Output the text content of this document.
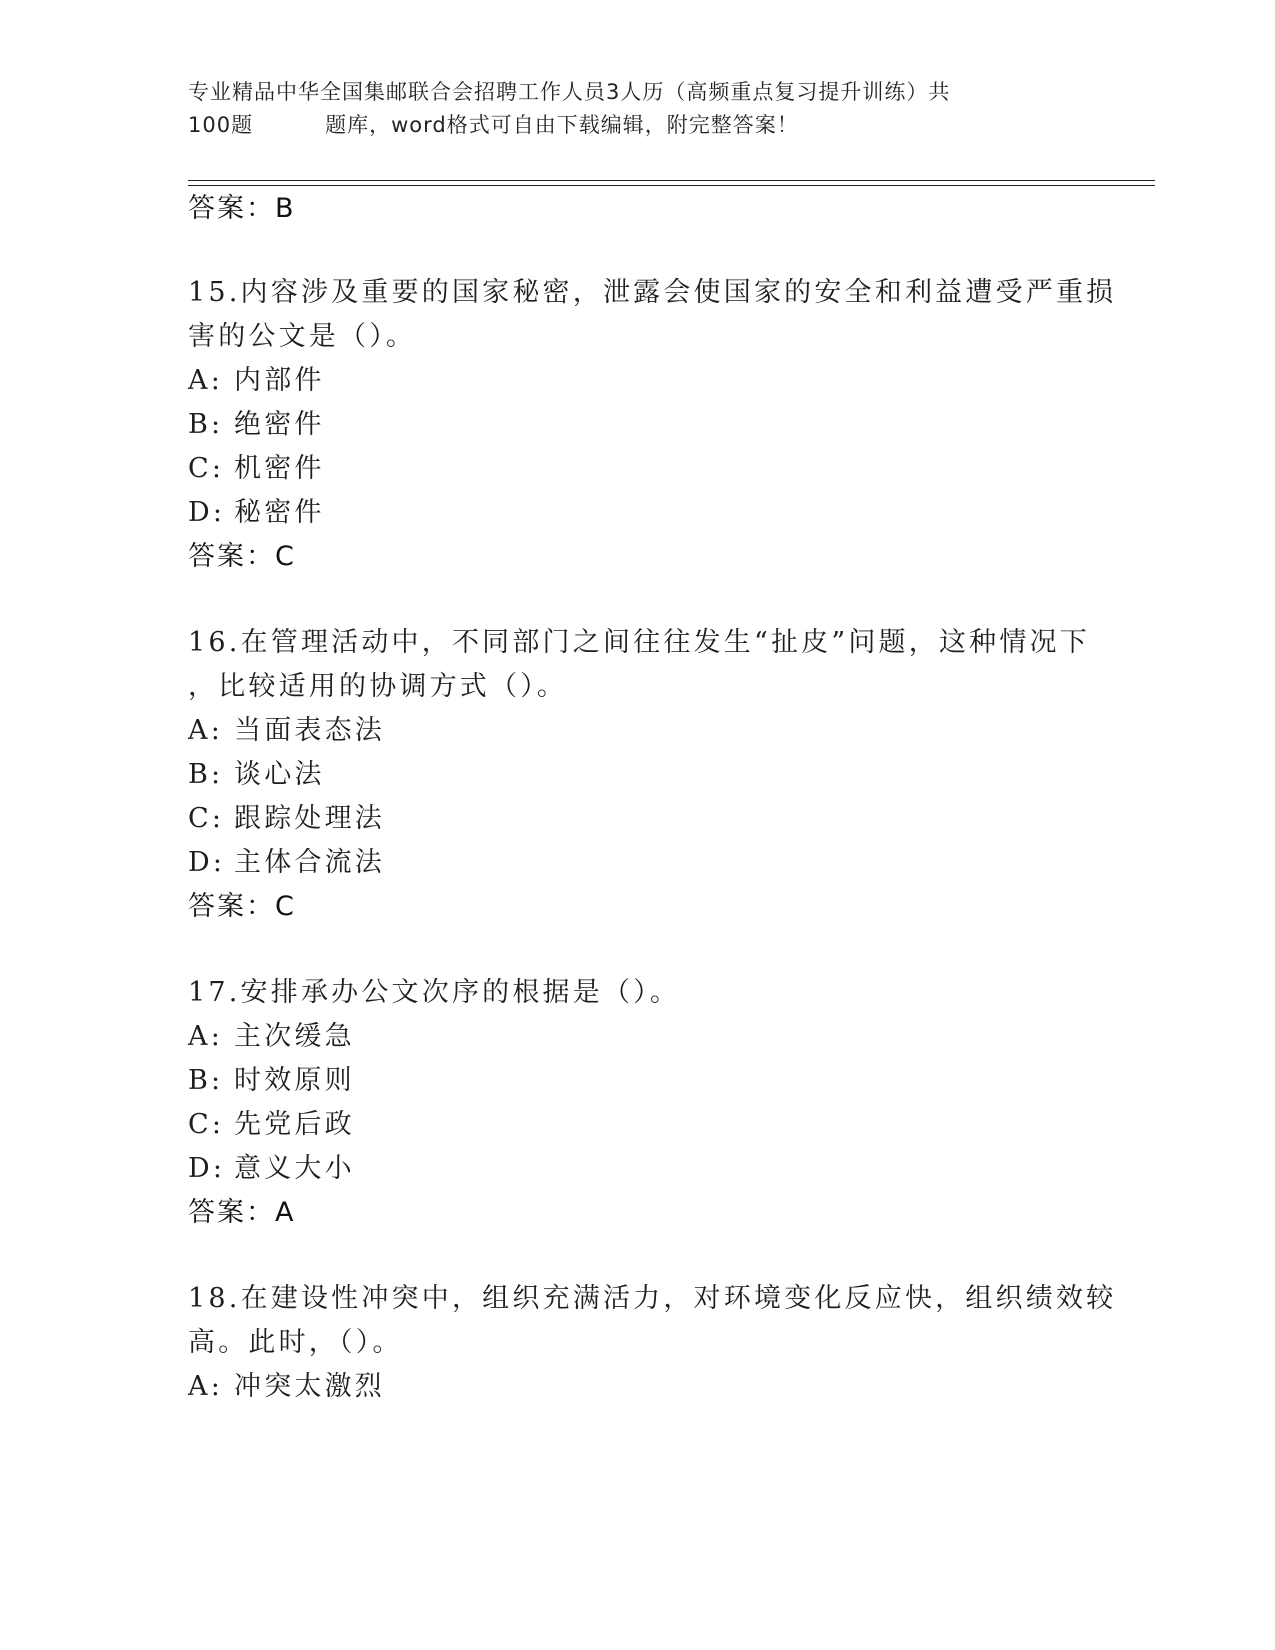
专业精品中华全国集邮联合会招聘工作人员3人历（高频重点复习提升训练）共
100题	题库，word格式可自由下载编辑，附完整答案！
答案：B
15.内容涉及重要的国家秘密，泄露会使国家的安全和利益遭受严重损
害的公文是（）。
A: 内部件
B: 绝密件
C: 机密件
D: 秘密件
答案：C
16.在管理活动中，不同部门之间往往发生“扯皮”问题，这种情况下
，比较适用的协调方式（）。
A: 当面表态法
B: 谈心法
C: 跟踪处理法
D: 主体合流法
答案：C
17.安排承办公文次序的根据是（）。
A: 主次缓急
B: 时效原则
C: 先党后政
D: 意义大小
答案：A
18.在建设性冲突中，组织充满活力，对环境变化反应快，组织绩效较
高。此时，（）。
A: 冲突太激烈
